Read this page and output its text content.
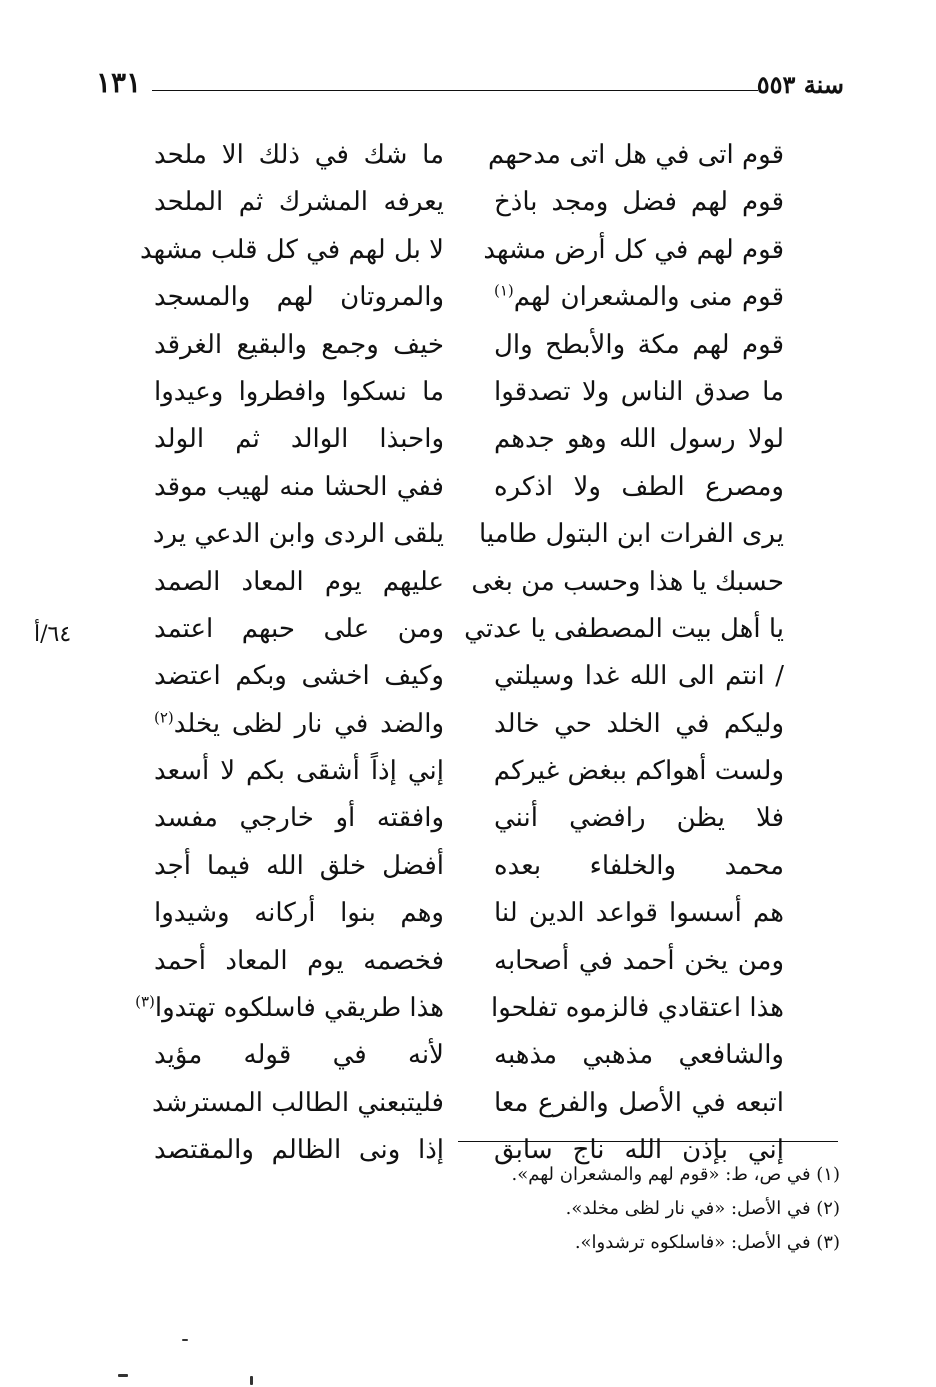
سنة ٥٥٣
١٣١
قوم اتى في هل اتى مدحهم
قوم لهم فضل ومجد باذخ
قوم لهم في كل أرض مشهد
قوم منى والمشعران لهم$^{(١)}$
قوم لهم مكة والأبطح وال
ما صدق الناس ولا تصدقوا
لولا رسول الله وهو جدهم
ومصرع الطف ولا اذكره
يرى الفرات ابن البتول طاميا
حسبك يا هذا وحسب من بغى
يا أهل بيت المصطفى يا عدتي
/ انتم الى الله غدا وسيلتي
وليكم في الخلد حي خالد
ولست أهواكم ببغض غيركم
فلا يظن رافضي أنني
محمد والخلفاء بعده
هم أسسوا قواعد الدين لنا
ومن يخن أحمد في أصحابه
هذا اعتقادي فالزموه تفلحوا
والشافعي مذهبي مذهبه
اتبعه في الأصل والفرع معا
إني بإذن الله ناج سابق
ما شك في ذلك الا ملحد
يعرفه المشرك ثم الملحد
لا بل لهم في كل قلب مشهد
والمروتان لهم والمسجد
خيف وجمع والبقيع الغرقد
ما نسكوا وافطروا وعيدوا
واحبذا الوالد ثم الولد
ففي الحشا منه لهيب موقد
يلقى الردى وابن الدعي يرد
عليهم يوم المعاد الصمد
ومن على حبهم اعتمد
وكيف اخشى وبكم اعتضد
والضد في نار لظى يخلد$^{(٢)}$
إني إذاً أشقى بكم لا أسعد
وافقته أو خارجي مفسد
أفضل خلق الله فيما أجد
وهم بنوا أركانه وشيدوا
فخصمه يوم المعاد أحمد
هذا طريقي فاسلكوه تهتدوا$^{(٣)}$
لأنه في قوله مؤيد
فليتبعني الطالب المسترشد
إذا ونى الظالم والمقتصد
٦٤/أ
(١) في ص، ط: «قوم لهم والمشعران لهم».
(٢) في الأصل: «في نار لظى مخلد».
(٣) في الأصل: «فاسلكوه ترشدوا».
